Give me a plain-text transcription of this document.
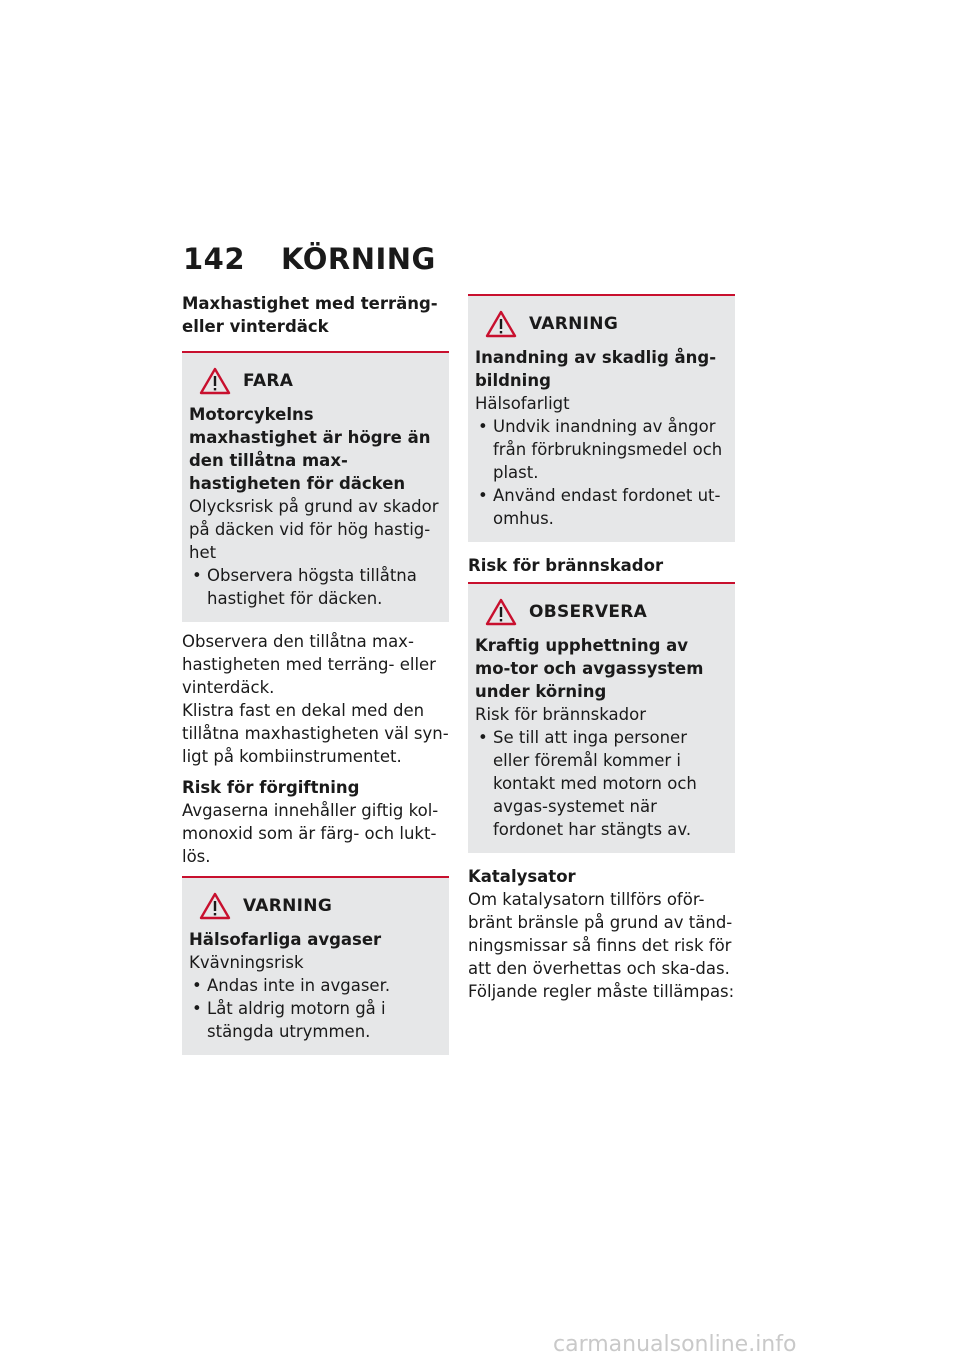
142 KÖRNING

Maxhastighet med terräng-
eller vinterdäck

FARA

Motorcykelns maxhastighet är högre än den tillåtna max-hastigheten för däcken

Olycksrisk på grund av skador på däcken vid för hög hastig-het

• Observera högsta tillåtna hastighet för däcken.

Observera den tillåtna max-hastigheten med terräng- eller vinterdäck.

Klistra fast en dekal med den tillåtna maxhastigheten väl syn-ligt på kombiinstrumentet.

Risk för förgiftning

Avgaserna innehåller giftig kol-monoxid som är färg- och lukt-lös.

VARNING

Hälsofarliga avgaser

Kvävningsrisk

• Andas inte in avgaser.
• Låt aldrig motorn gå i stängda utrymmen.
VARNING

Inandning av skadlig ång-bildning

Hälsofarligt

• Undvik inandning av ångor från förbrukningsmedel och plast.
• Använd endast fordonet ut-omhus.

Risk för brännskador

OBSERVERA

Kraftig upphettning av mo-tor och avgassystem under körning

Risk för brännskador

• Se till att inga personer eller föremål kommer i kontakt med motorn och avgas-systemet när fordonet har stängts av.

Katalysator

Om katalysatorn tillförs oför-bränt bränsle på grund av tänd-ningsmissar så finns det risk för att den överhettas och ska-das.

Följande regler måste tillämpas:

carmanualsonline.info
